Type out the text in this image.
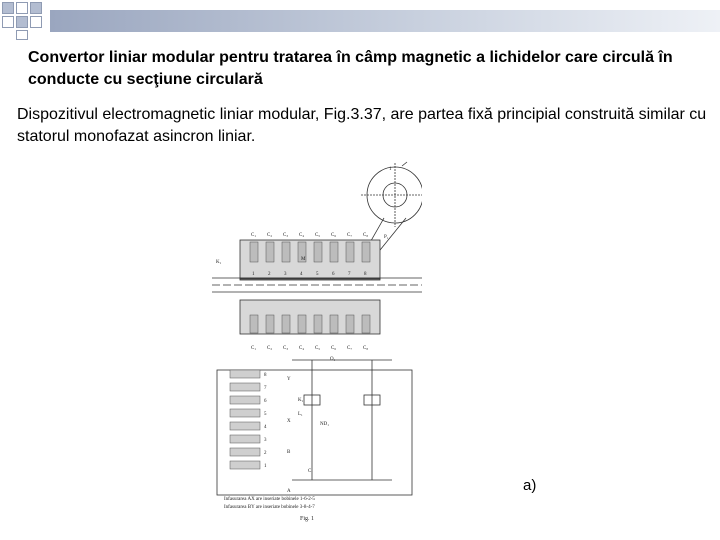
Convertor liniar modular pentru tratarea în câmp magnetic a lichidelor care circulă în conducte cu secţiune circulară
Dispozitivul electromagnetic liniar modular, Fig.3.37, are partea fixă principial construită similar cu statorul monofazat asincron liniar.
C₁
1
C₂
2
C₃
3
C₄
4
C₅
5
C₆
6
C₇
7
C₈
8
C₁ C₂ C₃ C₄ C₅ C₆ C₇ C₈
8
7
6
5
4
3
2
1
1
M
K₁
P₁
O₁
Y
X
B
C
A
K₁
L₁
ND₁
Infasurarea AX are inseriate bobinele 1-6-2-5
Infasurarea BY are inseriate bobinele 3-8-4-7
Fig. 1
a)
